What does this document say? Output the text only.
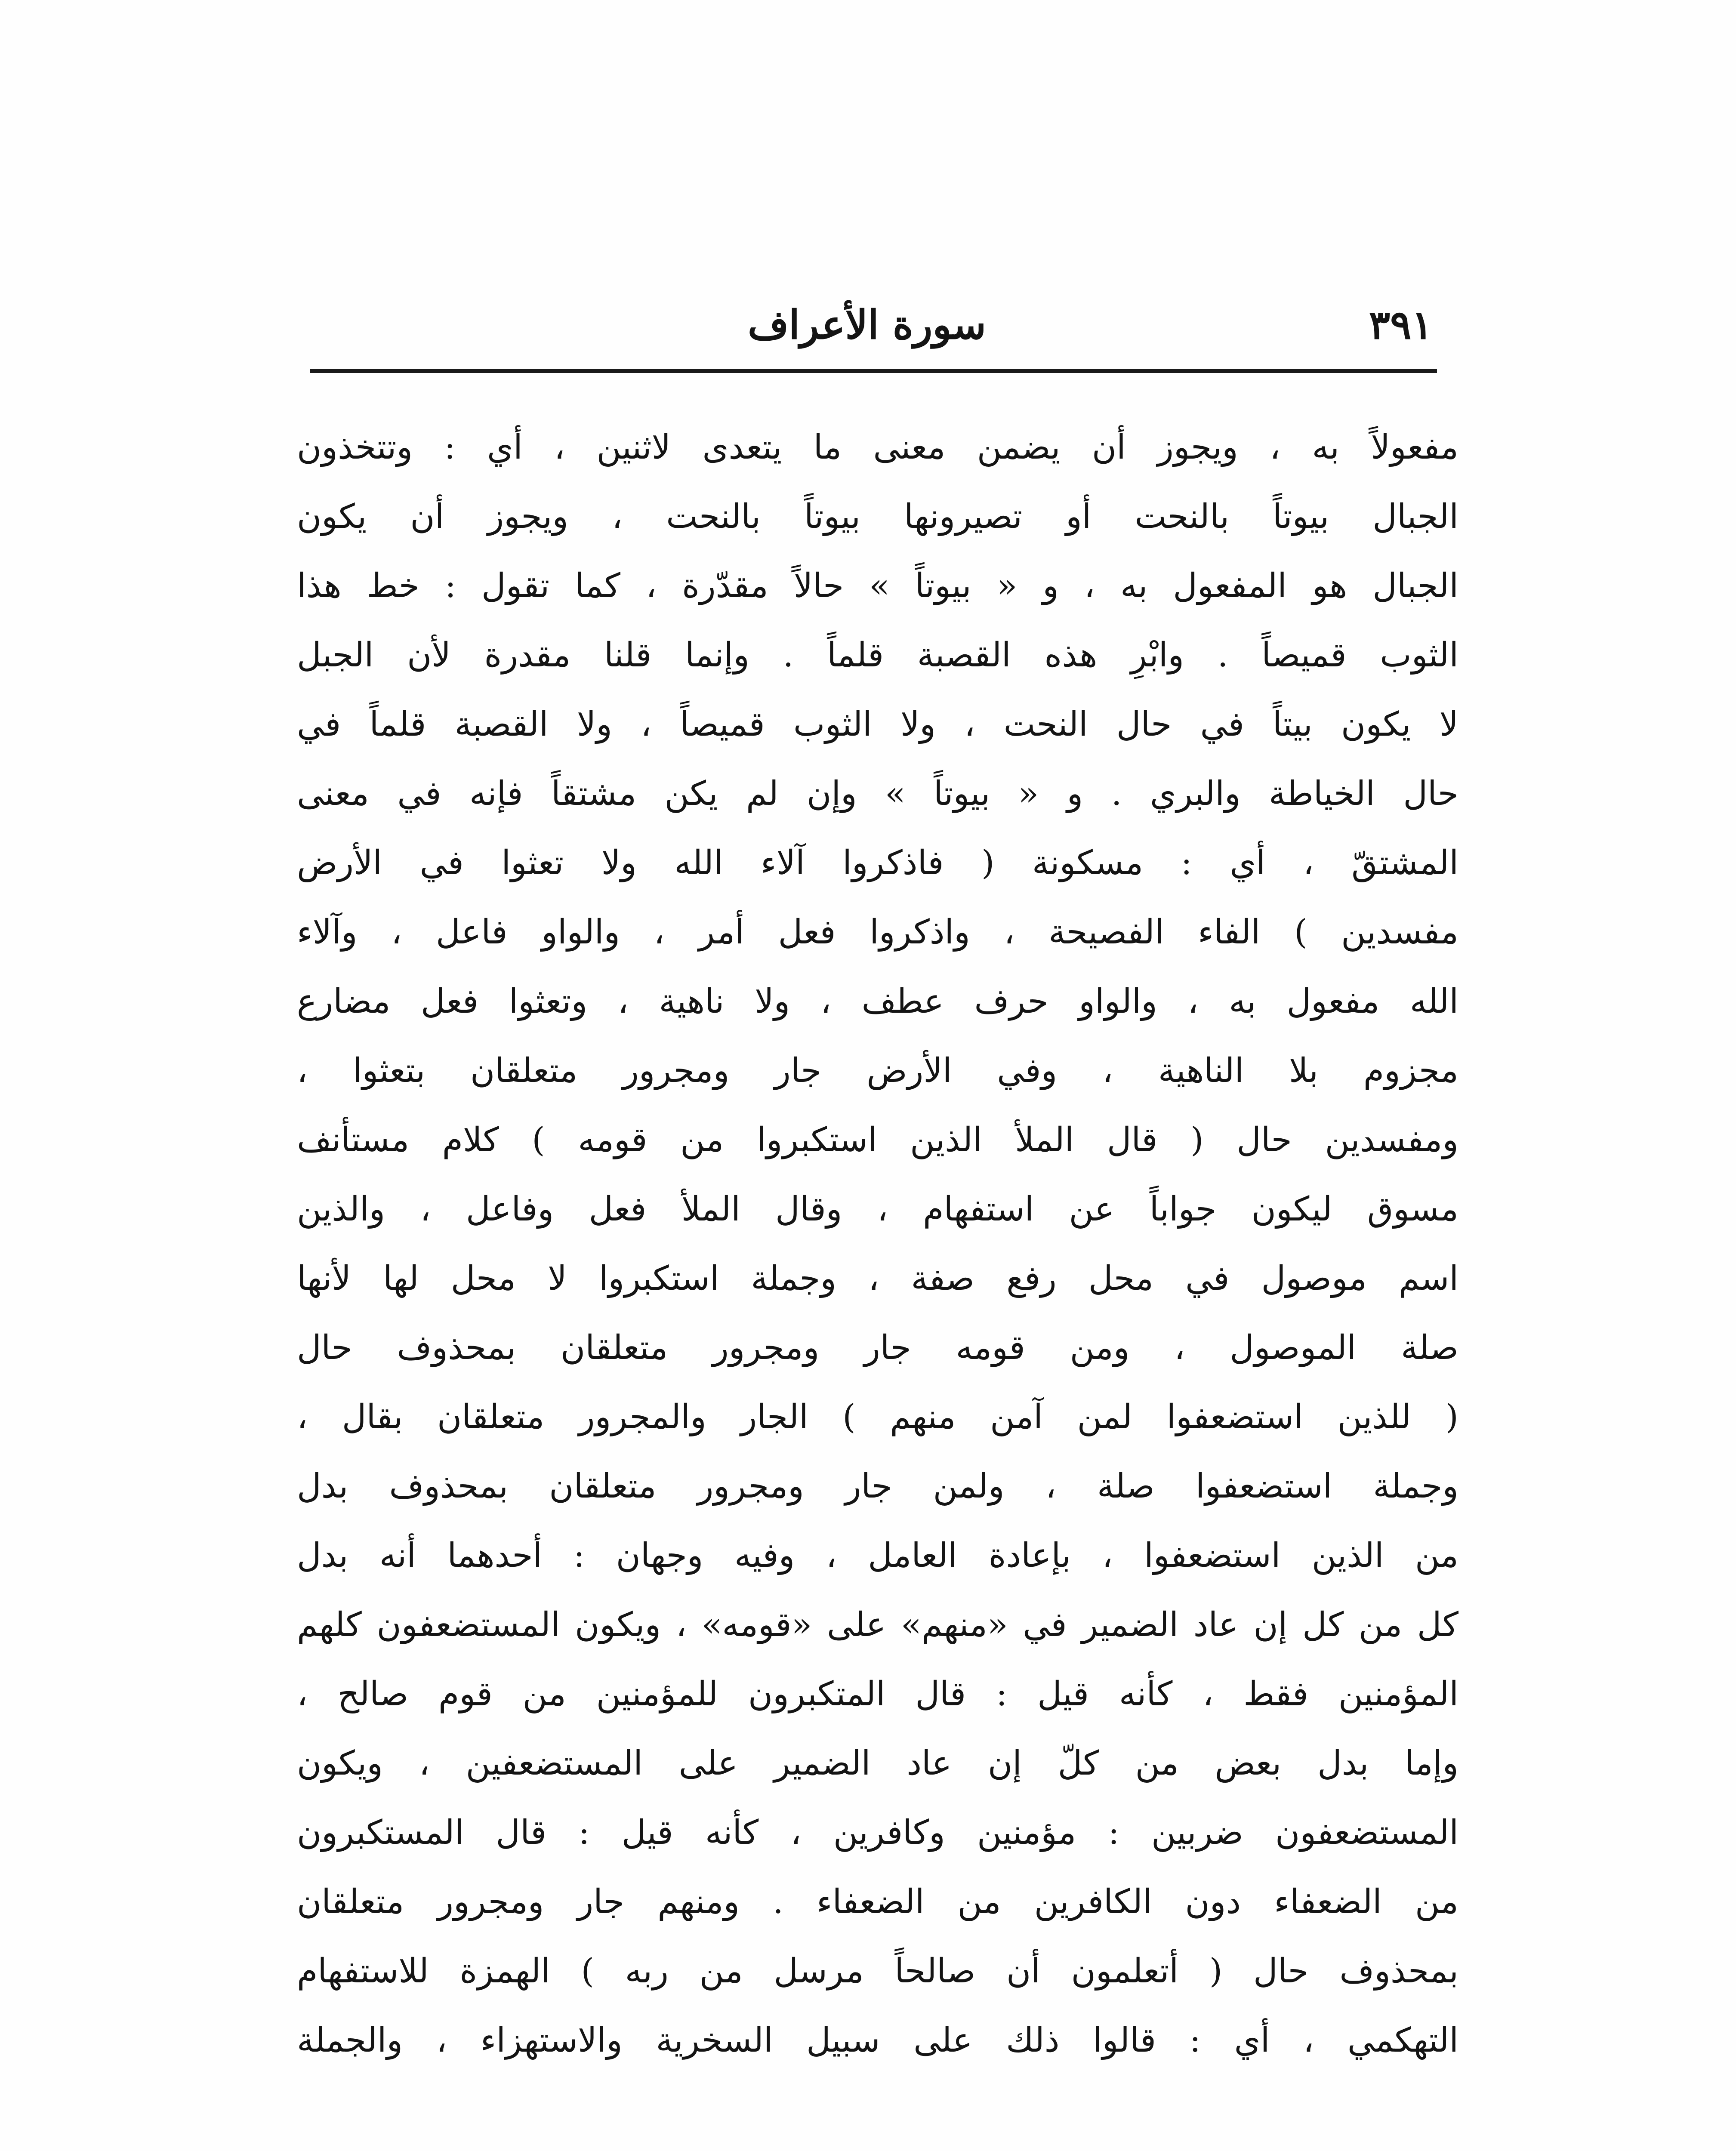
٣٩١
سورة الأعراف
مفعولاً به ، ويجوز أن يضمن معنى ما يتعدى لاثنين ، أي : وتتخذون
الجبال بيوتاً بالنحت أو تصيرونها بيوتاً بالنحت ، ويجوز أن يكون
الجبال هو المفعول به ، و « بيوتاً » حالاً مقدّرة ، كما تقول : خط هذا
الثوب قميصاً . وابْرِ هذه القصبة قلماً . وإنما قلنا مقدرة لأن الجبل
لا يكون بيتاً في حال النحت ، ولا الثوب قميصاً ، ولا القصبة قلماً في
حال الخياطة والبري . و « بيوتاً » وإن لم يكن مشتقاً فإنه في معنى
المشتقّ ، أي : مسكونة ( فاذكروا آلاء الله ولا تعثوا في الأرض
مفسدين ) الفاء الفصيحة ، واذكروا فعل أمر ، والواو فاعل ، وآلاء
الله مفعول به ، والواو حرف عطف ، ولا ناهية ، وتعثوا فعل مضارع
مجزوم بلا الناهية ، وفي الأرض جار ومجرور متعلقان بتعثوا ،
ومفسدين حال ( قال الملأ الذين استكبروا من قومه ) كلام مستأنف
مسوق ليكون جواباً عن استفهام ، وقال الملأ فعل وفاعل ، والذين
اسم موصول في محل رفع صفة ، وجملة استكبروا لا محل لها لأنها
صلة الموصول ، ومن قومه جار ومجرور متعلقان بمحذوف حال
( للذين استضعفوا لمن آمن منهم ) الجار والمجرور متعلقان بقال ،
وجملة استضعفوا صلة ، ولمن جار ومجرور متعلقان بمحذوف بدل
من الذين استضعفوا ، بإعادة العامل ، وفيه وجهان : أحدهما أنه بدل
كل من كل إن عاد الضمير في «منهم» على «قومه» ، ويكون المستضعفون كلهم
المؤمنين فقط ، كأنه قيل : قال المتكبرون للمؤمنين من قوم صالح ،
وإما بدل بعض من كلّ إن عاد الضمير على المستضعفين ، ويكون
المستضعفون ضربين : مؤمنين وكافرين ، كأنه قيل : قال المستكبرون
من الضعفاء دون الكافرين من الضعفاء . ومنهم جار ومجرور متعلقان
بمحذوف حال ( أتعلمون أن صالحاً مرسل من ربه ) الهمزة للاستفهام
التهكمي ، أي : قالوا ذلك على سبيل السخرية والاستهزاء ، والجملة
